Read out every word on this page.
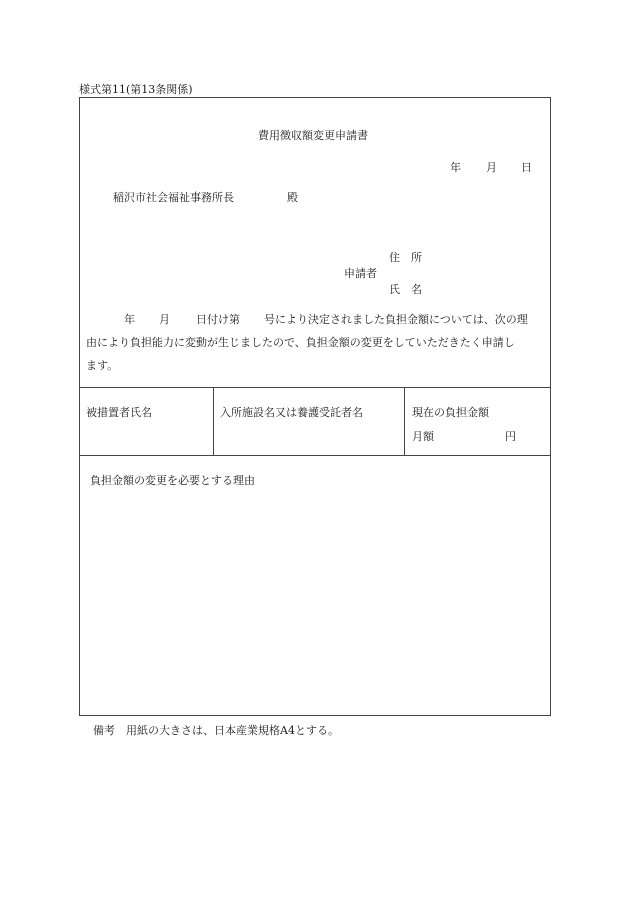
様式第11(第13条関係)
費用徴収額変更申請書
年 月 日
稲沢市社会福祉事務所長	殿
住　所
申請者
氏　名
年 月 日付け第 号により決定されました負担金額については、次の理
由により負担能力に変動が生じましたので、負担金額の変更をしていただきたく申請し
ます。
被措置者氏名	入所施設名又は養護受託者名	現在の負担金額
月額	円
負担金額の変更を必要とする理由
備考　用紙の大きさは、日本産業規格A4とする。
